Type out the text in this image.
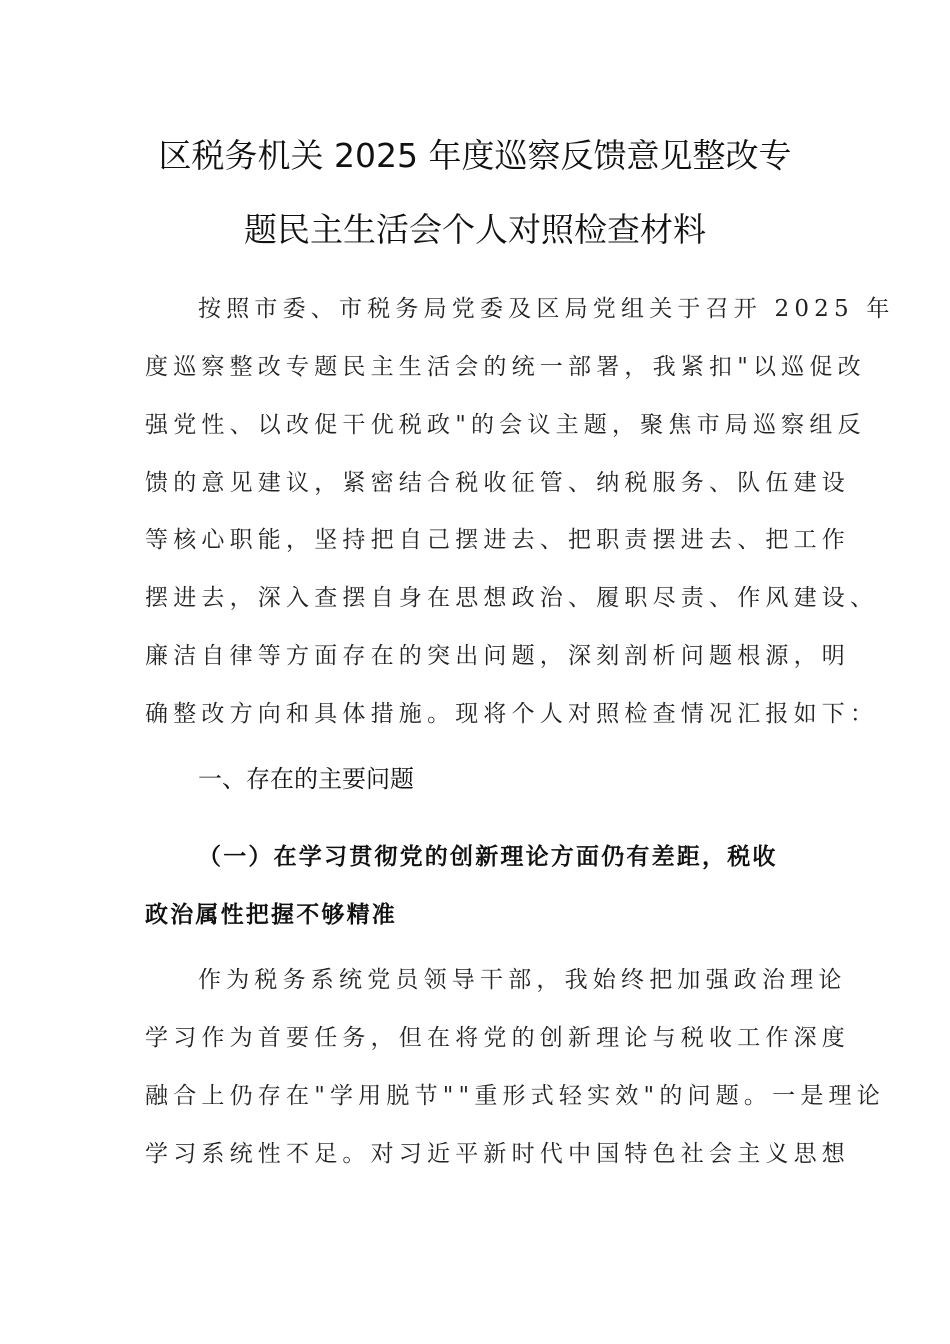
区税务机关 2025 年度巡察反馈意见整改专
题民主生活会个人对照检查材料
按照市委、市税务局党委及区局党组关于召开 2025 年
度巡察整改专题民主生活会的统一部署，我紧扣"以巡促改
强党性、以改促干优税政"的会议主题，聚焦市局巡察组反
馈的意见建议，紧密结合税收征管、纳税服务、队伍建设
等核心职能，坚持把自己摆进去、把职责摆进去、把工作
摆进去，深入查摆自身在思想政治、履职尽责、作风建设、
廉洁自律等方面存在的突出问题，深刻剖析问题根源，明
确整改方向和具体措施。现将个人对照检查情况汇报如下：
一、存在的主要问题
（一）在学习贯彻党的创新理论方面仍有差距，税收
政治属性把握不够精准
作为税务系统党员领导干部，我始终把加强政治理论
学习作为首要任务，但在将党的创新理论与税收工作深度
融合上仍存在"学用脱节""重形式轻实效"的问题。一是理论
学习系统性不足。对习近平新时代中国特色社会主义思想
